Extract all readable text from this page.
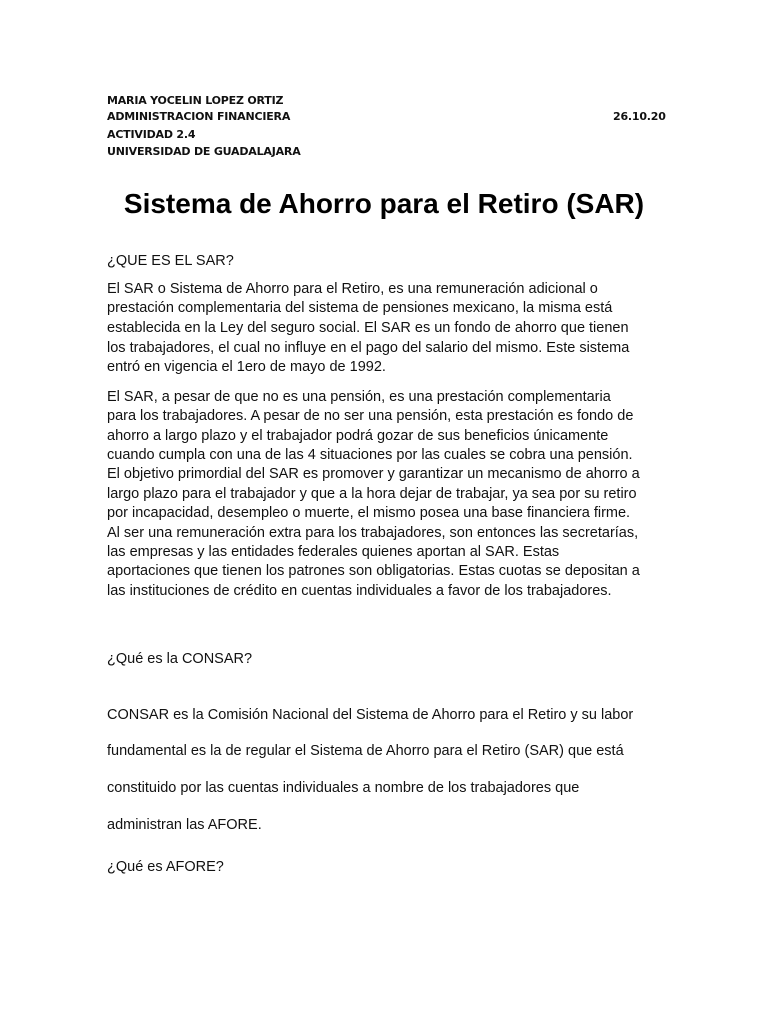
MARIA YOCELIN LOPEZ ORTIZ
ADMINISTRACION FINANCIERA	26.10.20
ACTIVIDAD 2.4
UNIVERSIDAD DE GUADALAJARA
Sistema de Ahorro para el Retiro (SAR)
¿QUE ES EL SAR?
El SAR o Sistema de Ahorro para el Retiro, es una remuneración adicional o
prestación complementaria del sistema de pensiones mexicano, la misma está
establecida en la Ley del seguro social. El SAR es un fondo de ahorro que tienen
los trabajadores, el cual no influye en el pago del salario del mismo. Este sistema
entró en vigencia el 1ero de mayo de 1992.
El SAR, a pesar de que no es una pensión, es una prestación complementaria
para los trabajadores. A pesar de no ser una pensión, esta prestación es fondo de
ahorro a largo plazo y el trabajador podrá gozar de sus beneficios únicamente
cuando cumpla con una de las 4 situaciones por las cuales se cobra una pensión.
El objetivo primordial del SAR es promover y garantizar un mecanismo de ahorro a
largo plazo para el trabajador y que a la hora dejar de trabajar, ya sea por su retiro
por incapacidad, desempleo o muerte, el mismo posea una base financiera firme.
Al ser una remuneración extra para los trabajadores, son entonces las secretarías,
las empresas y las entidades federales quienes aportan al SAR. Estas
aportaciones que tienen los patrones son obligatorias. Estas cuotas se depositan a
las instituciones de crédito en cuentas individuales a favor de los trabajadores.
¿Qué es la CONSAR?
CONSAR es la Comisión Nacional del Sistema de Ahorro para el Retiro y su labor
fundamental es la de regular el Sistema de Ahorro para el Retiro (SAR) que está
constituido por las cuentas individuales a nombre de los trabajadores que
administran las AFORE.
¿Qué es AFORE?
